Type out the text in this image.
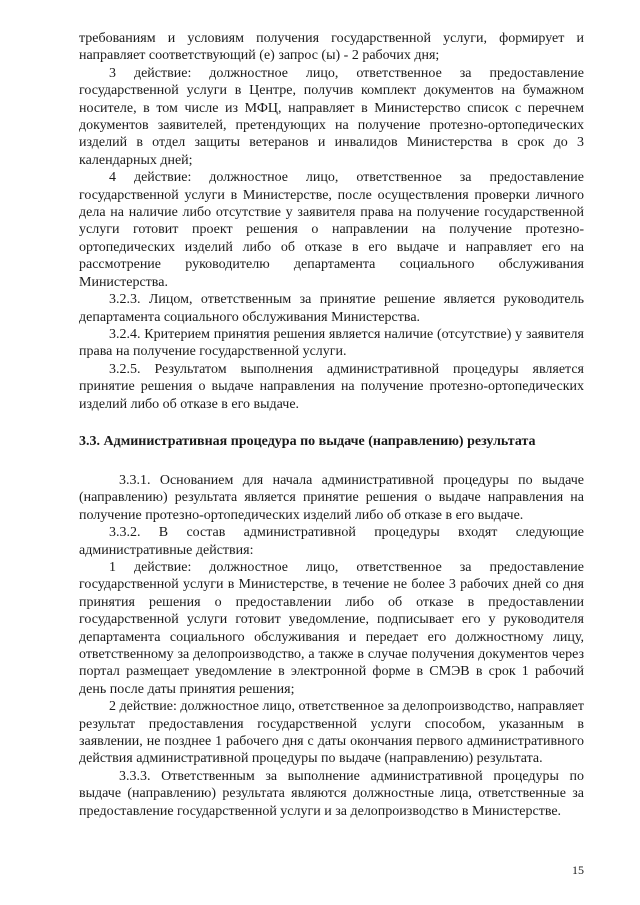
требованиям и условиям получения государственной услуги, формирует и направляет соответствующий (е) запрос (ы) - 2 рабочих дня;

3 действие: должностное лицо, ответственное за предоставление государственной услуги в Центре, получив комплект документов на бумажном носителе, в том числе из МФЦ, направляет в Министерство список с перечнем документов заявителей, претендующих на получение протезно-ортопедических изделий в отдел защиты ветеранов и инвалидов Министерства в срок до 3 календарных дней;

4 действие: должностное лицо, ответственное за предоставление государственной услуги в Министерстве, после осуществления проверки личного дела на наличие либо отсутствие у заявителя права на получение государственной услуги готовит проект решения о направлении на получение протезно-ортопедических изделий либо об отказе в его выдаче и направляет его на рассмотрение руководителю департамента социального обслуживания Министерства.

3.2.3. Лицом, ответственным за принятие решение является руководитель департамента социального обслуживания Министерства.

3.2.4. Критерием принятия решения является наличие (отсутствие) у заявителя права на получение государственной услуги.

3.2.5. Результатом выполнения административной процедуры является принятие решения о выдаче направления на получение протезно-ортопедических изделий либо об отказе в его выдаче.

3.3. Административная процедура по выдаче (направлению) результата

3.3.1. Основанием для начала административной процедуры по выдаче (направлению) результата является принятие решения о выдаче направления на получение протезно-ортопедических изделий либо об отказе в его выдаче.

3.3.2. В состав административной процедуры входят следующие административные действия:

1 действие: должностное лицо, ответственное за предоставление государственной услуги в Министерстве, в течение не более 3 рабочих дней со дня принятия решения о предоставлении либо об отказе в предоставлении государственной услуги готовит уведомление, подписывает его у руководителя департамента социального обслуживания и передает его должностному лицу, ответственному за делопроизводство, а также в случае получения документов через портал размещает уведомление в электронной форме в СМЭВ в срок 1 рабочий день после даты принятия решения;

2 действие: должностное лицо, ответственное за делопроизводство, направляет результат предоставления государственной услуги способом, указанным в заявлении, не позднее 1 рабочего дня с даты окончания первого административного действия административной процедуры по выдаче (направлению) результата.

3.3.3. Ответственным за выполнение административной процедуры по выдаче (направлению) результата являются должностные лица, ответственные за предоставление государственной услуги и за делопроизводство в Министерстве.

15
